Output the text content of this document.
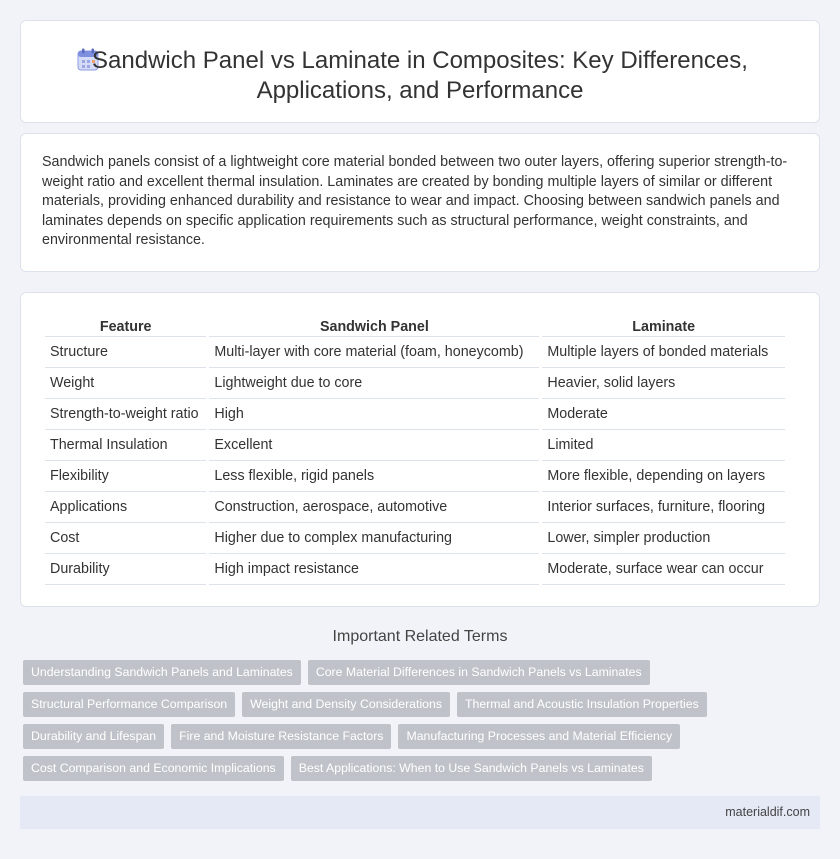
Sandwich Panel vs Laminate in Composites: Key Differences,
Applications, and Performance

Sandwich panels consist of a lightweight core material bonded between two outer layers, offering superior strength-to-weight ratio and excellent thermal insulation. Laminates are created by bonding multiple layers of similar or different materials, providing enhanced durability and resistance to wear and impact. Choosing between sandwich panels and laminates depends on specific application requirements such as structural performance, weight constraints, and environmental resistance.

Feature	Sandwich Panel	Laminate
Structure	Multi-layer with core material (foam, honeycomb)	Multiple layers of bonded materials
Weight	Lightweight due to core	Heavier, solid layers
Strength-to-weight ratio	High	Moderate
Thermal Insulation	Excellent	Limited
Flexibility	Less flexible, rigid panels	More flexible, depending on layers
Applications	Construction, aerospace, automotive	Interior surfaces, furniture, flooring
Cost	Higher due to complex manufacturing	Lower, simpler production
Durability	High impact resistance	Moderate, surface wear can occur
Important Related Terms
Understanding Sandwich Panels and Laminates	Core Material Differences in Sandwich Panels vs Laminates
Structural Performance Comparison	Weight and Density Considerations	Thermal and Acoustic Insulation Properties
Durability and Lifespan	Fire and Moisture Resistance Factors	Manufacturing Processes and Material Efficiency
Cost Comparison and Economic Implications	Best Applications: When to Use Sandwich Panels vs Laminates
materialdif.com
